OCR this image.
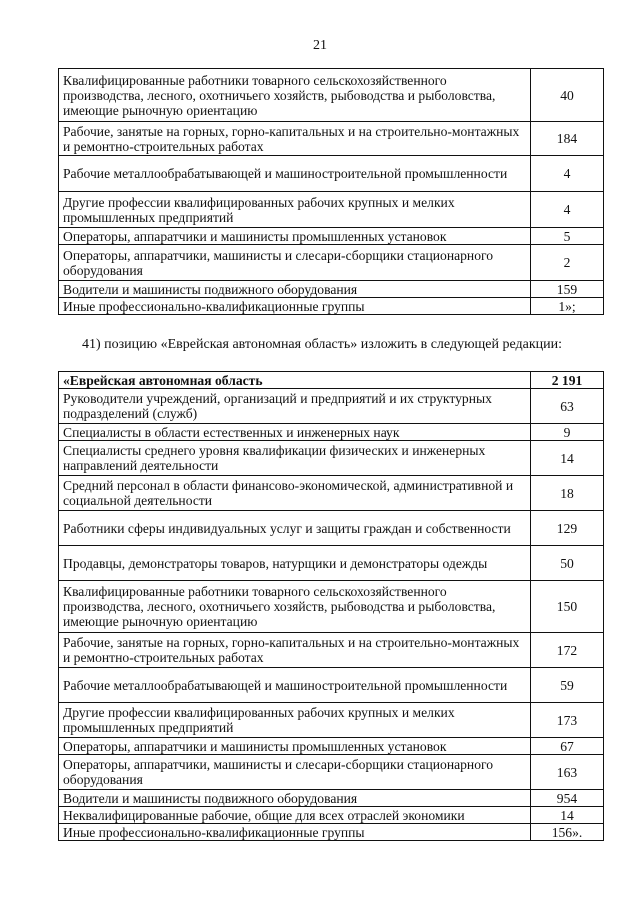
21
Квалифицированные работники товарного сельскохозяйственного производства, лесного, охотничьего хозяйств, рыбоводства и рыболовства, имеющие рыночную ориентацию	40
Рабочие, занятые на горных, горно-капитальных и на строительно-монтажных и ремонтно-строительных работах	184
Рабочие металлообрабатывающей и машиностроительной промышленности	4
Другие профессии квалифицированных рабочих крупных и мелких промышленных предприятий	4
Операторы, аппаратчики и машинисты промышленных установок	5
Операторы, аппаратчики, машинисты и слесари-сборщики стационарного оборудования	2
Водители и машинисты подвижного оборудования	159
Иные профессионально-квалификационные группы	1»;
41) позицию «Еврейская автономная область» изложить в следующей редакции:
«Еврейская автономная область	2 191
Руководители учреждений, организаций и предприятий и их структурных подразделений (служб)	63
Специалисты в области естественных и инженерных наук	9
Специалисты среднего уровня квалификации физических и инженерных направлений деятельности	14
Средний персонал в области финансово-экономической, административной и социальной деятельности	18
Работники сферы индивидуальных услуг и защиты граждан и собственности	129
Продавцы, демонстраторы товаров, натурщики и демонстраторы одежды	50
Квалифицированные работники товарного сельскохозяйственного производства, лесного, охотничьего хозяйств, рыбоводства и рыболовства, имеющие рыночную ориентацию	150
Рабочие, занятые на горных, горно-капитальных и на строительно-монтажных и ремонтно-строительных работах	172
Рабочие металлообрабатывающей и машиностроительной промышленности	59
Другие профессии квалифицированных рабочих крупных и мелких промышленных предприятий	173
Операторы, аппаратчики и машинисты промышленных установок	67
Операторы, аппаратчики, машинисты и слесари-сборщики стационарного оборудования	163
Водители и машинисты подвижного оборудования	954
Неквалифицированные рабочие, общие для всех отраслей экономики	14
Иные профессионально-квалификационные группы	156».
